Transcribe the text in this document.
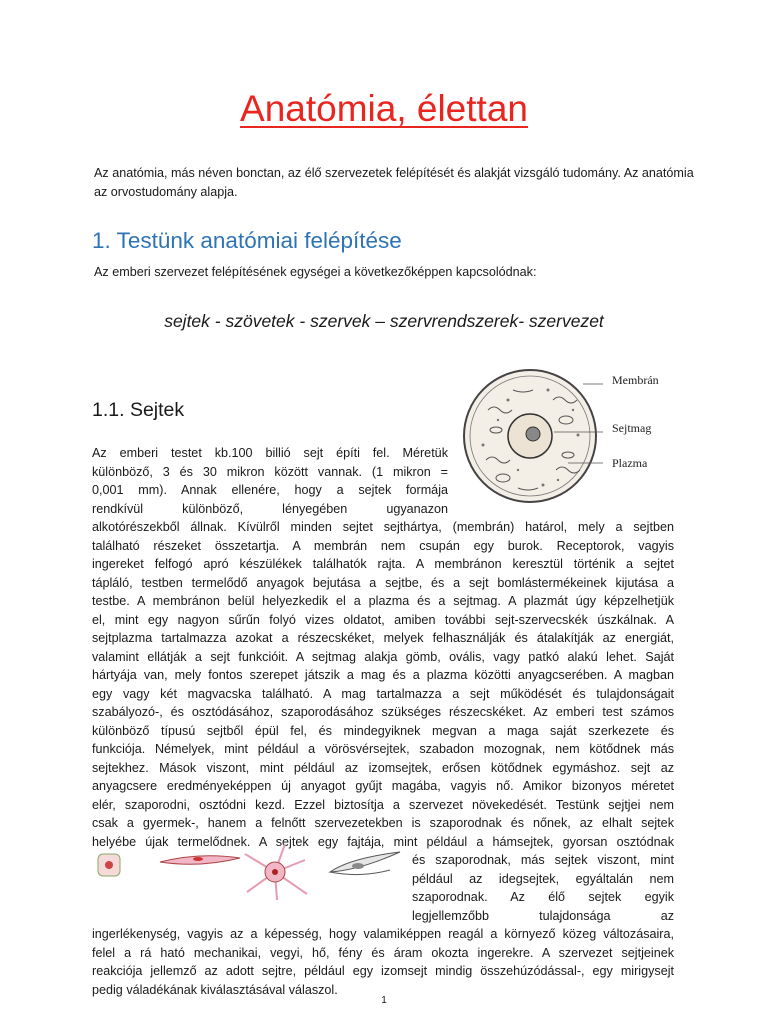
Anatómia, élettan
Az anatómia, más néven bonctan, az élő szervezetek felépítését és alakját vizsgáló tudomány. Az anatómia az orvostudomány alapja.
1. Testünk anatómiai felépítése
Az emberi szervezet felépítésének egységei a következőképpen kapcsolódnak:
sejtek - szövetek - szervek – szervrendszerek- szervezet
1.1. Sejtek
Membrán
Sejtmag
Plazma
Az emberi testet kb.100 billió sejt építi fel. Méretük
különböző, 3 és 30 mikron között vannak. (1 mikron =
0,001 mm). Annak ellenére, hogy a sejtek formája
rendkívül különböző, lényegében ugyanazon
alkotórészekből állnak. Kívülről minden sejtet sejthártya, (membrán) határol, mely a sejtben
található részeket összetartja. A membrán nem csupán egy burok. Receptorok, vagyis
ingereket felfogó apró készülékek találhatók rajta. A membránon keresztül történik a sejtet
tápláló, testben termelődő anyagok bejutása a sejtbe, és a sejt bomlástermékeinek kijutása a
testbe. A membránon belül helyezkedik el a plazma és a sejtmag. A plazmát úgy képzelhetjük
el, mint egy nagyon sűrűn folyó vizes oldatot, amiben további sejt-szervecskék úszkálnak. A
sejtplazma tartalmazza azokat a részecskéket, melyek felhasználják és átalakítják az energiát,
valamint ellátják a sejt funkcióit. A sejtmag alakja gömb, ovális, vagy patkó alakú lehet. Saját
hártyája van, mely fontos szerepet játszik a mag és a plazma közötti anyagcserében. A magban
egy vagy két magvacska található. A mag tartalmazza a sejt működését és tulajdonságait
szabályozó-, és osztódásához, szaporodásához szükséges részecskéket. Az emberi test számos
különböző típusú sejtből épül fel, és mindegyiknek megvan a maga saját szerkezete és
funkciója. Némelyek, mint például a vörösvérsejtek, szabadon mozognak, nem kötődnek más
sejtekhez. Mások viszont, mint például az izomsejtek, erősen kötődnek egymáshoz. sejt az
anyagcsere eredményeképpen új anyagot gyűjt magába, vagyis nő. Amikor bizonyos méretet
elér, szaporodni, osztódni kezd. Ezzel biztosítja a szervezet növekedését. Testünk sejtjei nem
csak a gyermek-, hanem a felnőtt szervezetekben is szaporodnak és nőnek, az elhalt sejtek
helyébe újak termelődnek. A sejtek egy fajtája, mint például a hámsejtek, gyorsan osztódnak
és szaporodnak, más sejtek viszont, mint
például az idegsejtek, egyáltalán nem
szaporodnak. Az élő sejtek egyik
legjellemzőbb tulajdonsága az
ingerlékenység, vagyis az a képesség, hogy valamiképpen reagál a környező közeg változásaira,
felel a rá ható mechanikai, vegyi, hő, fény és áram okozta ingerekre. A szervezet sejtjeinek
reakciója jellemző az adott sejtre, például egy izomsejt mindig összehúzódással-, egy mirigysejt
pedig váladékának kiválasztásával válaszol.
1
